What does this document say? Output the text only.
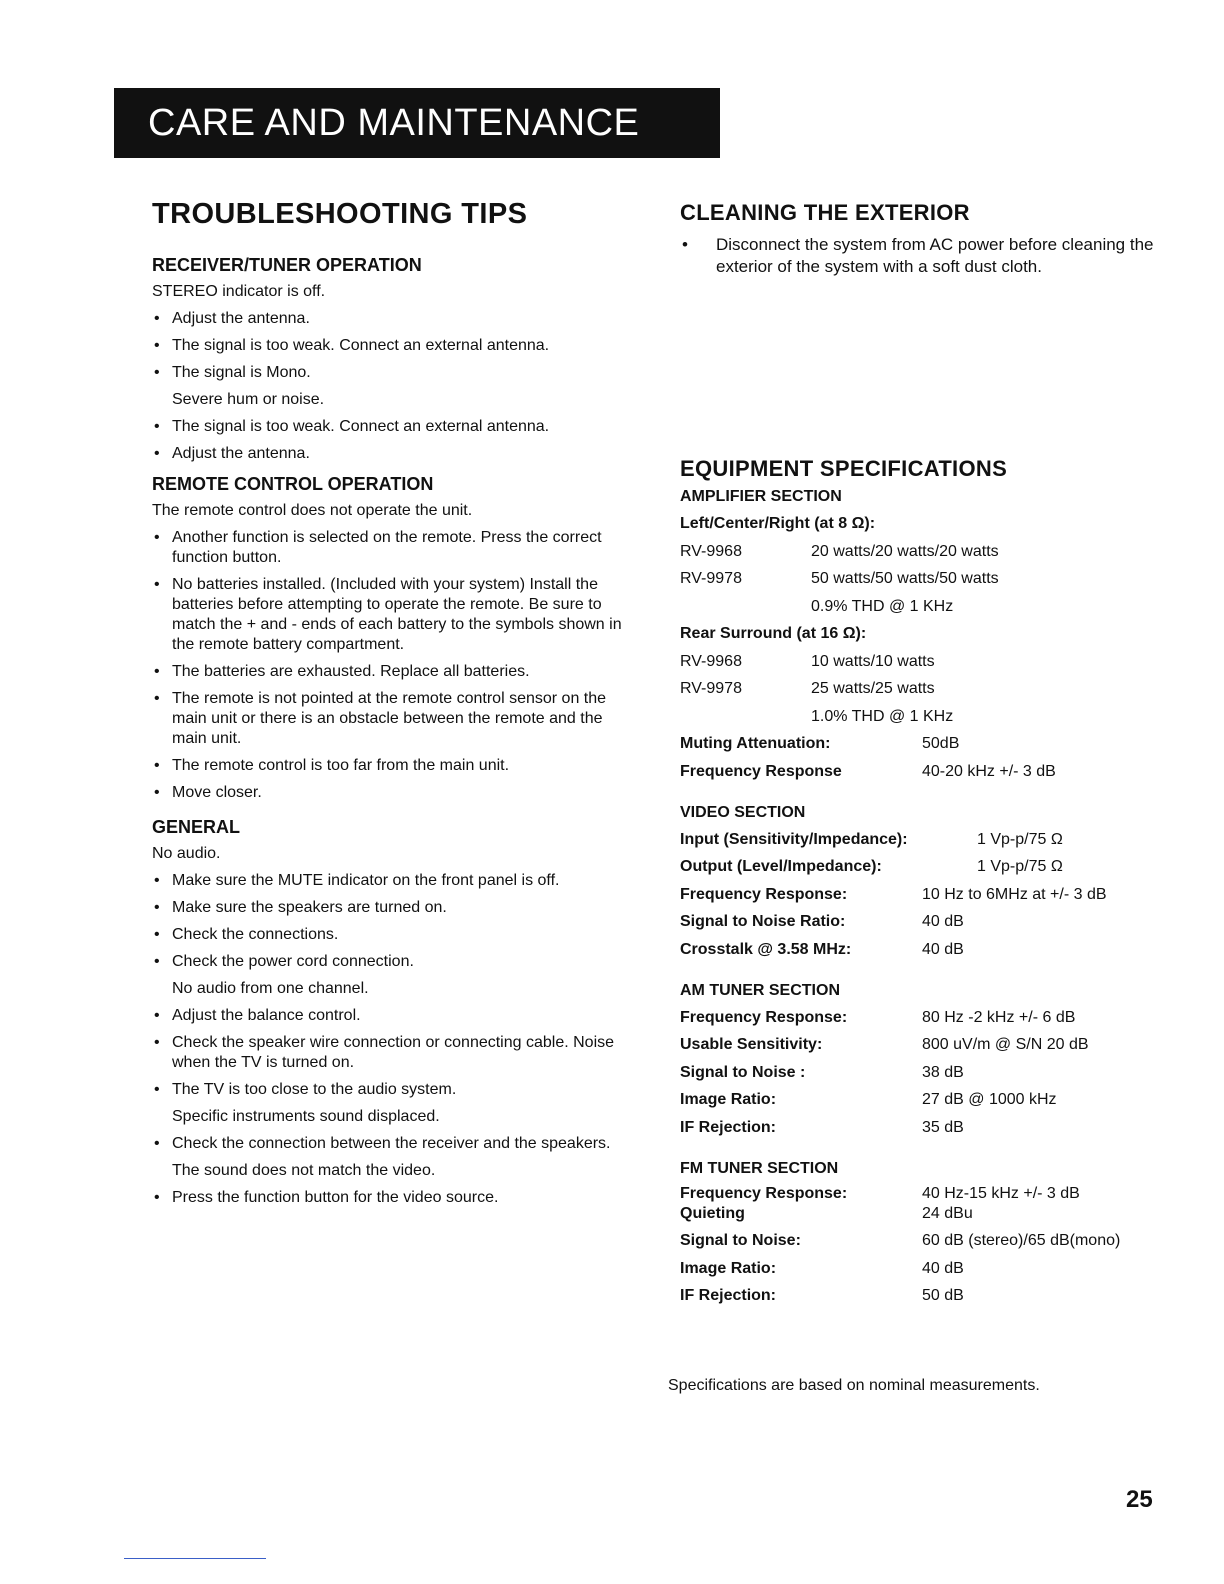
CARE AND MAINTENANCE
TROUBLESHOOTING TIPS
RECEIVER/TUNER OPERATION
STEREO indicator is off.
• Adjust the antenna.
• The signal is too weak. Connect an external antenna.
• The signal is Mono.
Severe hum or noise.
• The signal is too weak. Connect an external antenna.
• Adjust the antenna.
REMOTE CONTROL OPERATION
The remote control does not operate the unit.
• Another function is selected on the remote. Press the correct function button.
• No batteries installed. (Included with your system) Install the batteries before attempting to operate the remote. Be sure to match the + and - ends of each battery to the symbols shown in the remote battery compartment.
• The batteries are exhausted. Replace all batteries.
• The remote is not pointed at the remote control sensor on the main unit or there is an obstacle between the remote and the main unit.
• The remote control is too far from the main unit.
• Move closer.
GENERAL
No audio.
• Make sure the MUTE indicator on the front panel is off.
• Make sure the speakers are turned on.
• Check the connections.
• Check the power cord connection.
No audio from one channel.
• Adjust the balance control.
• Check the speaker wire connection or connecting cable. Noise when the TV is turned on.
• The TV is too close to the audio system.
Specific instruments sound displaced.
• Check the connection between the receiver and the speakers.
The sound does not match the video.
• Press the function button for the video source.
CLEANING THE EXTERIOR
• Disconnect the system from AC power before cleaning the exterior of the system with a soft dust cloth.
EQUIPMENT SPECIFICATIONS
AMPLIFIER SECTION
Left/Center/Right (at 8 Ω):
RV-9968	20 watts/20 watts/20 watts
RV-9978	50 watts/50 watts/50 watts
0.9% THD @ 1 KHz
Rear Surround (at 16 Ω):
RV-9968	10 watts/10 watts
RV-9978	25 watts/25 watts
1.0% THD @ 1 KHz
Muting Attenuation:	50dB
Frequency Response	40-20 kHz +/- 3 dB
VIDEO SECTION
Input (Sensitivity/Impedance):	1 Vp-p/75 Ω
Output (Level/Impedance):	1 Vp-p/75 Ω
Frequency Response:	10 Hz to 6MHz at +/- 3 dB
Signal to Noise Ratio:	40 dB
Crosstalk @ 3.58 MHz:	40 dB
AM TUNER SECTION
Frequency Response:	80 Hz -2 kHz +/- 6 dB
Usable Sensitivity:	800 uV/m @ S/N 20 dB
Signal to Noise :	38 dB
Image Ratio:	27 dB @ 1000 kHz
IF Rejection:	35 dB
FM TUNER SECTION
Frequency Response:	40 Hz-15 kHz +/- 3 dB
Quieting	24 dBu
Signal to Noise:	60 dB (stereo)/65 dB(mono)
Image Ratio:	40 dB
IF Rejection:	50 dB
Specifications are based on nominal measurements.
25
